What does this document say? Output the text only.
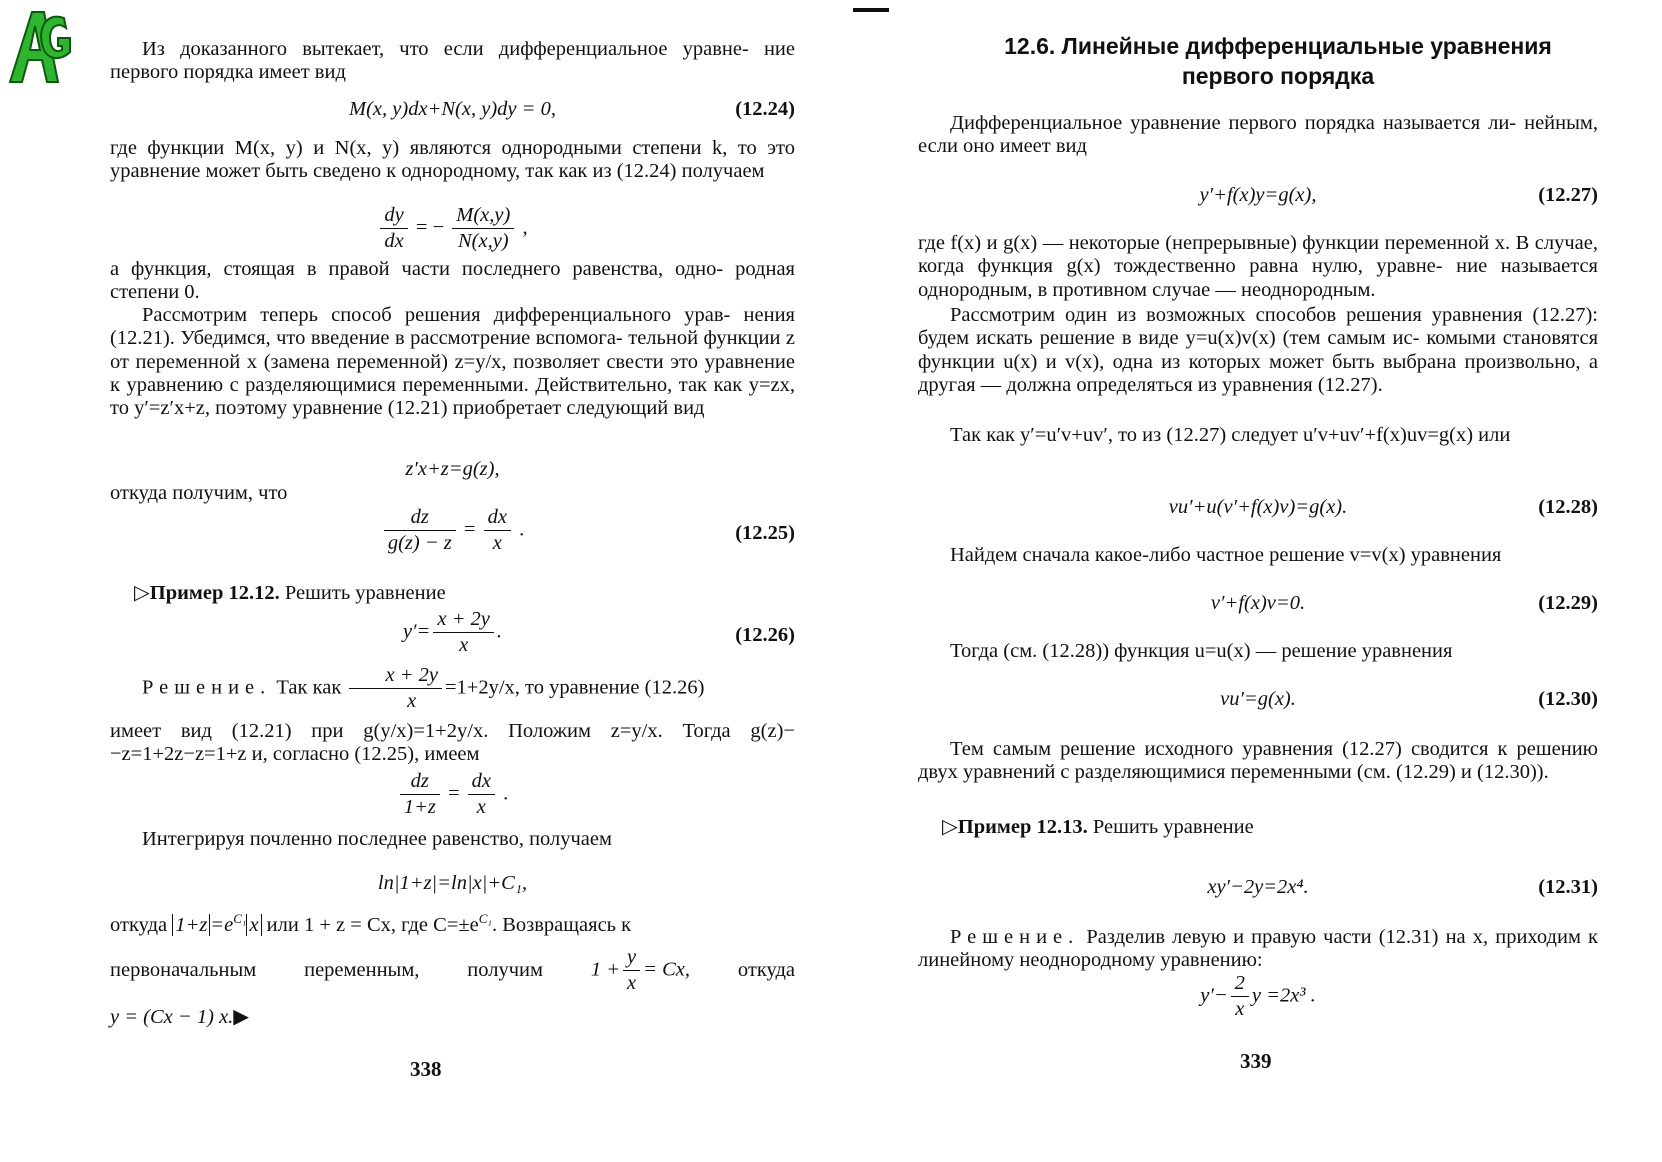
Из доказанного вытекает, что если дифференциальное уравне- ние первого порядка имеет вид

M(x, y)dx+N(x, y)dy = 0,	(12.24)

где функции M(x, y) и N(x, y) являются однородными степени k, то это уравнение может быть сведено к однородному, так как из (12.24) получаем

$\frac{dy}{dx}$ = − $\frac{M(x,y)}{N(x,y)}$ ,

а функция, стоящая в правой части последнего равенства, одно- родная степени 0.

Рассмотрим теперь способ решения дифференциального урав- нения (12.21). Убедимся, что введение в рассмотрение вспомога- тельной функции z от переменной x (замена переменной) z=y/x, позволяет свести это уравнение к уравнению с разделяющимися переменными. Действительно, так как y=zx, то y′=z′x+z, поэтому уравнение (12.21) приобретает следующий вид

z′x+z=g(z),

откуда получим, что

$\frac{dz}{g(z) - z} = \frac{dx}{x}$ .	(12.25)

▷Пример 12.12. Решить уравнение

$y'= \frac{x + 2y}{x}$ .	(12.26)

Решение. Так как $\frac{x + 2y}{x} =1+2y/x$, то уравнение (12.26)

имеет вид (12.21) при g(y/x)=1+2y/x. Положим z=y/x. Тогда g(z)− −z=1+2z−z=1+z и, согласно (12.25), имеем

$\frac{dz}{1+z} = \frac{dx}{x}$ .

Интегрируя почленно последнее равенство, получаем

ln|1+z|=ln|x|+C₁,

откуда $1+z =e^{C_1}$ x или 1 + z = Cx, где $C=\pm e^{C_1}$. Возвращаясь к

первоначальным переменным, получим $1 + \frac{y}{x} = Cx$, откуда

y = (Cx − 1) x.▶

338
12.6. Линейные дифференциальные уравнения
первого порядка

Дифференциальное уравнение первого порядка называется ли- нейным, если оно имеет вид

y′+f(x)y=g(x),	(12.27)

где f(x) и g(x) — некоторые (непрерывные) функции переменной x. В случае, когда функция g(x) тождественно равна нулю, уравне- ние называется однородным, в противном случае — неоднородным.

Рассмотрим один из возможных способов решения уравнения (12.27): будем искать решение в виде y=u(x)v(x) (тем самым ис- комыми становятся функции u(x) и v(x), одна из которых может быть выбрана произвольно, а другая — должна определяться из уравнения (12.27).

Так как y′=u′v+uv′, то из (12.27) следует u′v+uv′+f(x)uv=g(x) или

vu′+u(v′+f(x)v)=g(x).	(12.28)

Найдем сначала какое-либо частное решение v=v(x) уравнения

v′+f(x)v=0.	(12.29)

Тогда (см. (12.28)) функция u=u(x) — решение уравнения

vu′=g(x).	(12.30)

Тем самым решение исходного уравнения (12.27) сводится к решению двух уравнений с разделяющимися переменными (см. (12.29) и (12.30)).

▷Пример 12.13. Решить уравнение

xy′−2y=2x⁴.	(12.31)

Решение. Разделив левую и правую части (12.31) на x, приходим к линейному неоднородному уравнению:

$y'- \frac{2}{x}$ y =2x³ .
339
